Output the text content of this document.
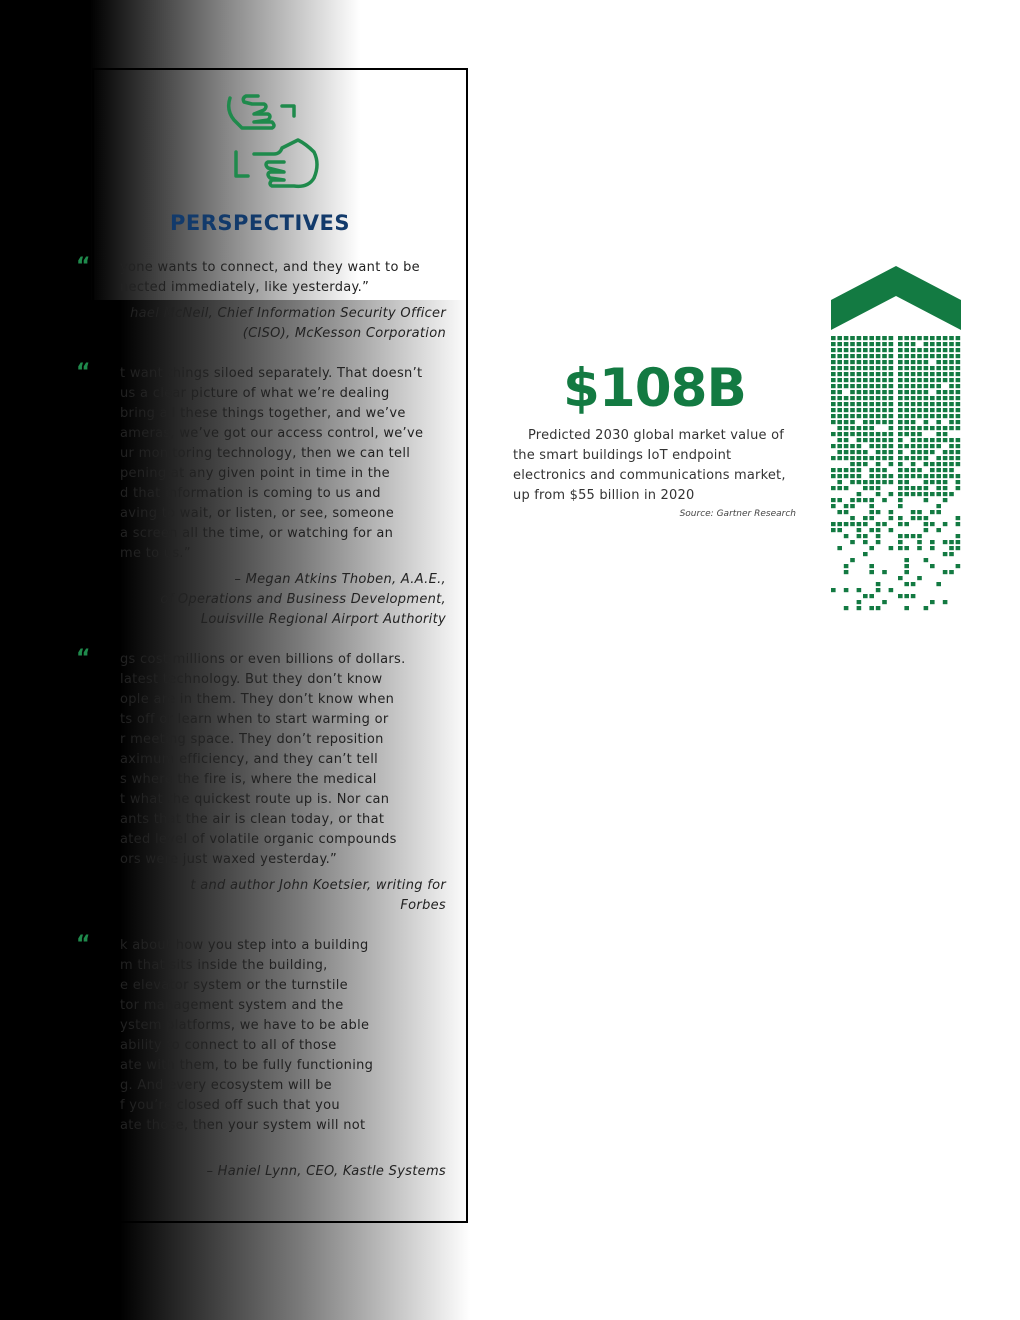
PERSPECTIVES
“ yone wants to connect, and they want to be
nected immediately, like yesterday.”
hael McNeil, Chief Information Security Officer
(CISO), McKesson Corporation
“ t want things siloed separately. That doesn’t
us a clear picture of what we’re dealing
bring all these things together, and we’ve
ameras, we’ve got our access control, we’ve
ur monitoring technology, then we can tell
pening at any given point in time in the
d that information is coming to us and
aving to wait, or listen, or see, someone
a screen all the time, or watching for an
me to us.”
– Megan Atkins Thoben, A.A.E.,
of Operations and Business Development,
Louisville Regional Airport Authority
“ gs cost millions or even billions of dollars.
latest technology. But they don’t know
ople are in them. They don’t know when
ts off or learn when to start warming or
r meeting space. They don’t reposition
aximum efficiency, and they can’t tell
s where the fire is, where the medical
t what the quickest route up is. Nor can
ants that the air is clean today, or that
ated level of volatile organic compounds
ors were just waxed yesterday.”
t and author John Koetsier, writing for
Forbes
“ k about how you step into a building
m that sits inside the building,
e elevator system or the turnstile
tor management system and the
ystem platforms, we have to be able
ability to connect to all of those
ate with them, to be fully functioning
g. And every ecosystem will be
f you’re closed off such that you
ate those, then your system will not
– Haniel Lynn, CEO, Kastle Systems
$108B
Predicted 2030 global market value of the smart buildings IoT endpoint electronics and communications market, up from $55 billion in 2020
Source: Gartner Research
